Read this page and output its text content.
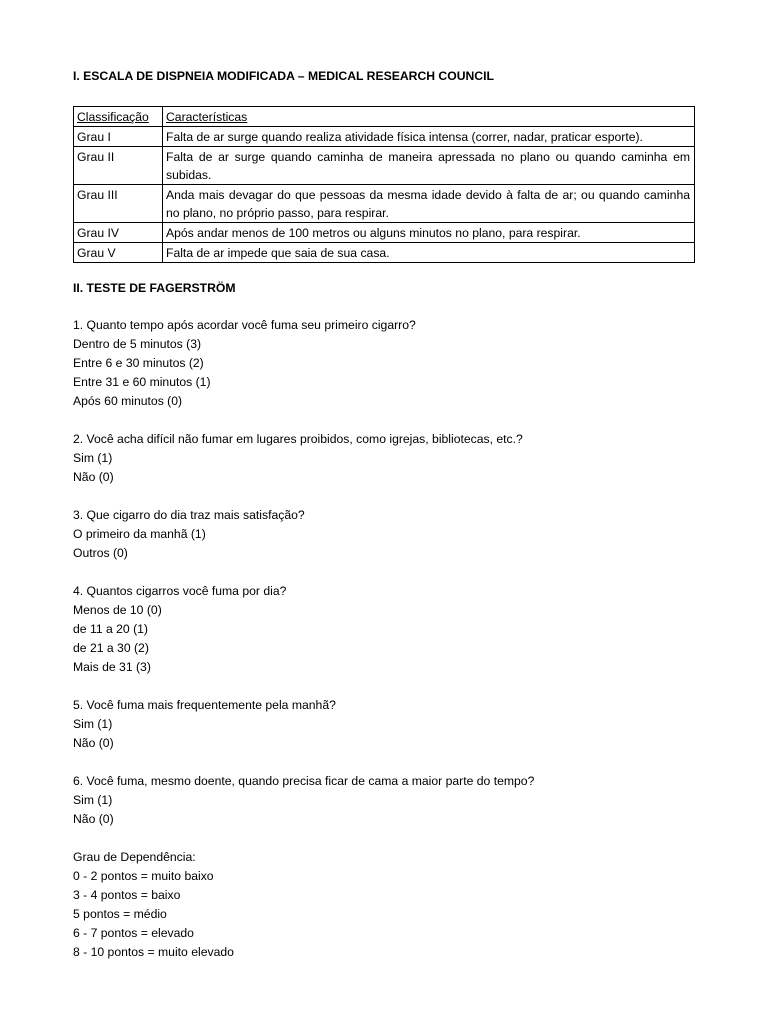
I. ESCALA DE DISPNEIA MODIFICADA – MEDICAL RESEARCH COUNCIL
Classificação	Características
Grau I	Falta de ar surge quando realiza atividade física intensa (correr, nadar, praticar esporte).
Grau II	Falta de ar surge quando caminha de maneira apressada no plano ou quando caminha em subidas.
Grau III	Anda mais devagar do que pessoas da mesma idade devido à falta de ar; ou quando caminha no plano, no próprio passo, para respirar.
Grau IV	Após andar menos de 100 metros ou alguns minutos no plano, para respirar.
Grau V	Falta de ar impede que saia de sua casa.
II. TESTE DE FAGERSTRÖM
1. Quanto tempo após acordar você fuma seu primeiro cigarro?
Dentro de 5 minutos (3)
Entre 6 e 30 minutos (2)
Entre 31 e 60 minutos (1)
Após 60 minutos (0)
2. Você acha difícil não fumar em lugares proibidos, como igrejas, bibliotecas, etc.?
Sim (1)
Não (0)
3. Que cigarro do dia traz mais satisfação?
O primeiro da manhã (1)
Outros (0)
4. Quantos cigarros você fuma por dia?
Menos de 10 (0)
de 11 a 20 (1)
de 21 a 30 (2)
Mais de 31 (3)
5. Você fuma mais frequentemente pela manhã?
Sim (1)
Não (0)
6. Você fuma, mesmo doente, quando precisa ficar de cama a maior parte do tempo?
Sim (1)
Não (0)
Grau de Dependência:
0 - 2 pontos = muito baixo
3 - 4 pontos = baixo
5 pontos = médio
6 - 7 pontos = elevado
8 - 10 pontos = muito elevado
